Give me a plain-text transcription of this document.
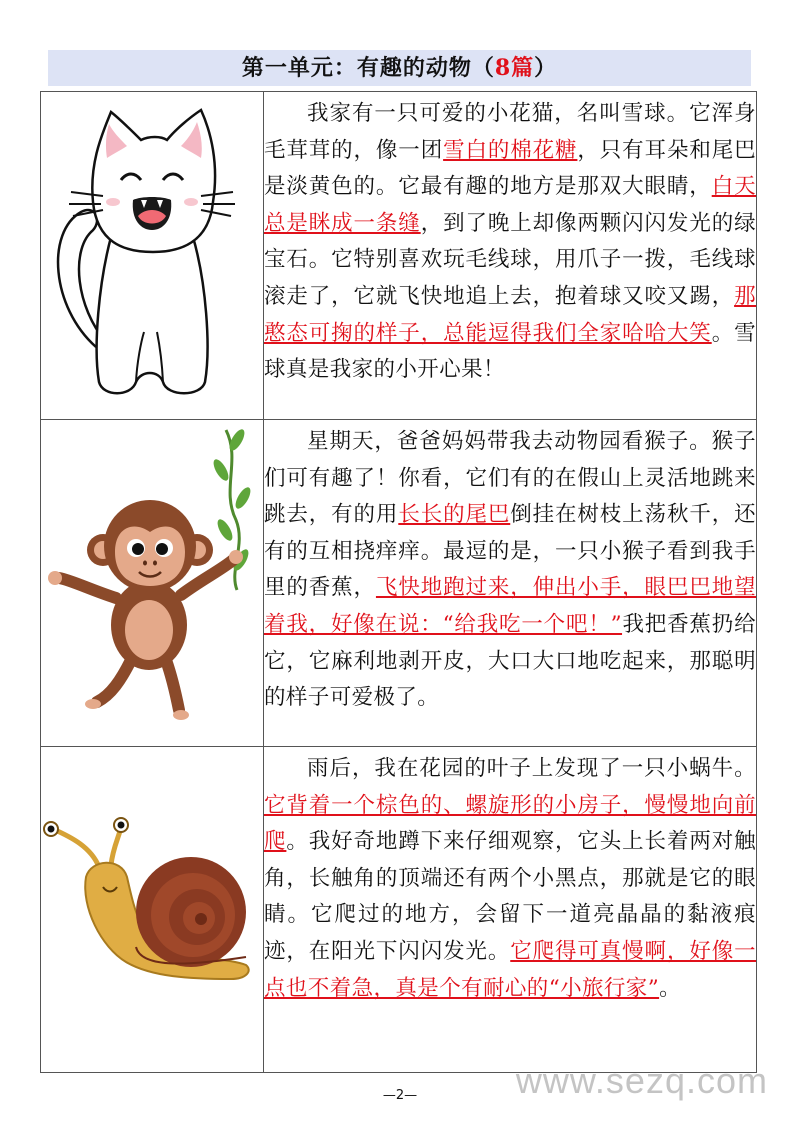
第一单元：有趣的动物（8篇）

我家有一只可爱的小花猫，名叫雪球。它浑身毛茸茸的，像一团雪白的棉花糖，只有耳朵和尾巴是淡黄色的。它最有趣的地方是那双大眼睛，白天总是眯成一条缝，到了晚上却像两颗闪闪发光的绿宝石。它特别喜欢玩毛线球，用爪子一拨，毛线球滚走了，它就飞快地追上去，抱着球又咬又踢，那憨态可掬的样子，总能逗得我们全家哈哈大笑。雪球真是我家的小开心果！

星期天，爸爸妈妈带我去动物园看猴子。猴子们可有趣了！你看，它们有的在假山上灵活地跳来跳去，有的用长长的尾巴倒挂在树枝上荡秋千，还有的互相挠痒痒。最逗的是，一只小猴子看到我手里的香蕉，飞快地跑过来，伸出小手，眼巴巴地望着我，好像在说：“给我吃一个吧！”我把香蕉扔给它，它麻利地剥开皮，大口大口地吃起来，那聪明的样子可爱极了。

雨后，我在花园的叶子上发现了一只小蜗牛。它背着一个棕色的、螺旋形的小房子，慢慢地向前爬。我好奇地蹲下来仔细观察，它头上长着两对触角，长触角的顶端还有两个小黑点，那就是它的眼睛。它爬过的地方，会留下一道亮晶晶的黏液痕迹，在阳光下闪闪发光。它爬得可真慢啊，好像一点也不着急，真是个有耐心的“小旅行家”。

www.sezq.com
—2—
